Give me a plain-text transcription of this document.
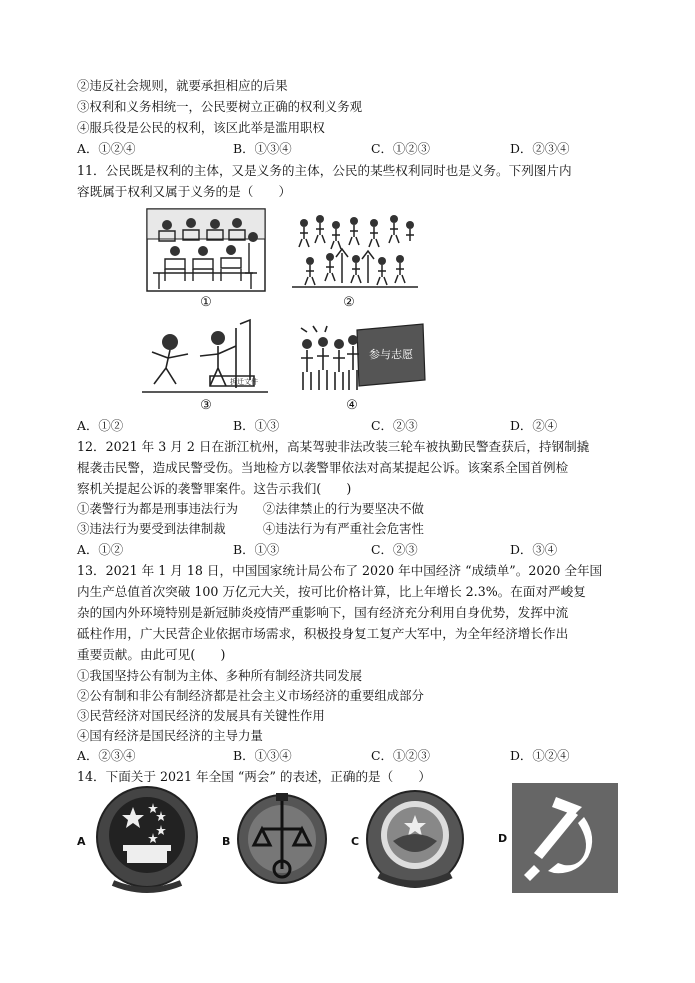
②违反社会规则，就要承担相应的后果
③权利和义务相统一，公民要树立正确的权利义务观
④服兵役是公民的权利，该区此举是滥用职权
A．①②④	B．①③④	C．①②③	D．②③④
11．公民既是权利的主体，又是义务的主体，公民的某些权利同时也是义务。下列图片内
容既属于权利又属于义务的是（　　）
①	②
拆迁文件
③
参与志愿
④
A．①②	B．①③	C．②③	D．②④
12．2021 年 3 月 2 日在浙江杭州，高某驾驶非法改装三轮车被执勤民警查获后，持钢制撬
棍袭击民警，造成民警受伤。当地检方以袭警罪依法对高某提起公诉。该案系全国首例检
察机关提起公诉的袭警罪案件。这告示我们(　　)
①袭警行为都是刑事违法行为　　②法律禁止的行为要坚决不做
③违法行为要受到法律制裁　　　④违法行为有严重社会危害性
A．①②	B．①③	C．②③	D．③④
13．2021 年 1 月 18 日，中国国家统计局公布了 2020 年中国经济 “成绩单”。2020 全年国
内生产总值首次突破 100 万亿元大关，按可比价格计算，比上年增长 2.3%。在面对严峻复
杂的国内外环境特别是新冠肺炎疫情严重影响下，国有经济充分利用自身优势，发挥中流
砥柱作用，广大民营企业依据市场需求，积极投身复工复产大军中，为全年经济增长作出
重要贡献。由此可见(　　)
①我国坚持公有制为主体、多种所有制经济共同发展
②公有制和非公有制经济都是社会主义市场经济的重要组成部分
③民营经济对国民经济的发展具有关键性作用
④国有经济是国民经济的主导力量
A．②③④	B．①③④	C．①②③	D．①②④
14．下面关于 2021 年全国 “两会” 的表述，正确的是（　　）
A	B	C	D
